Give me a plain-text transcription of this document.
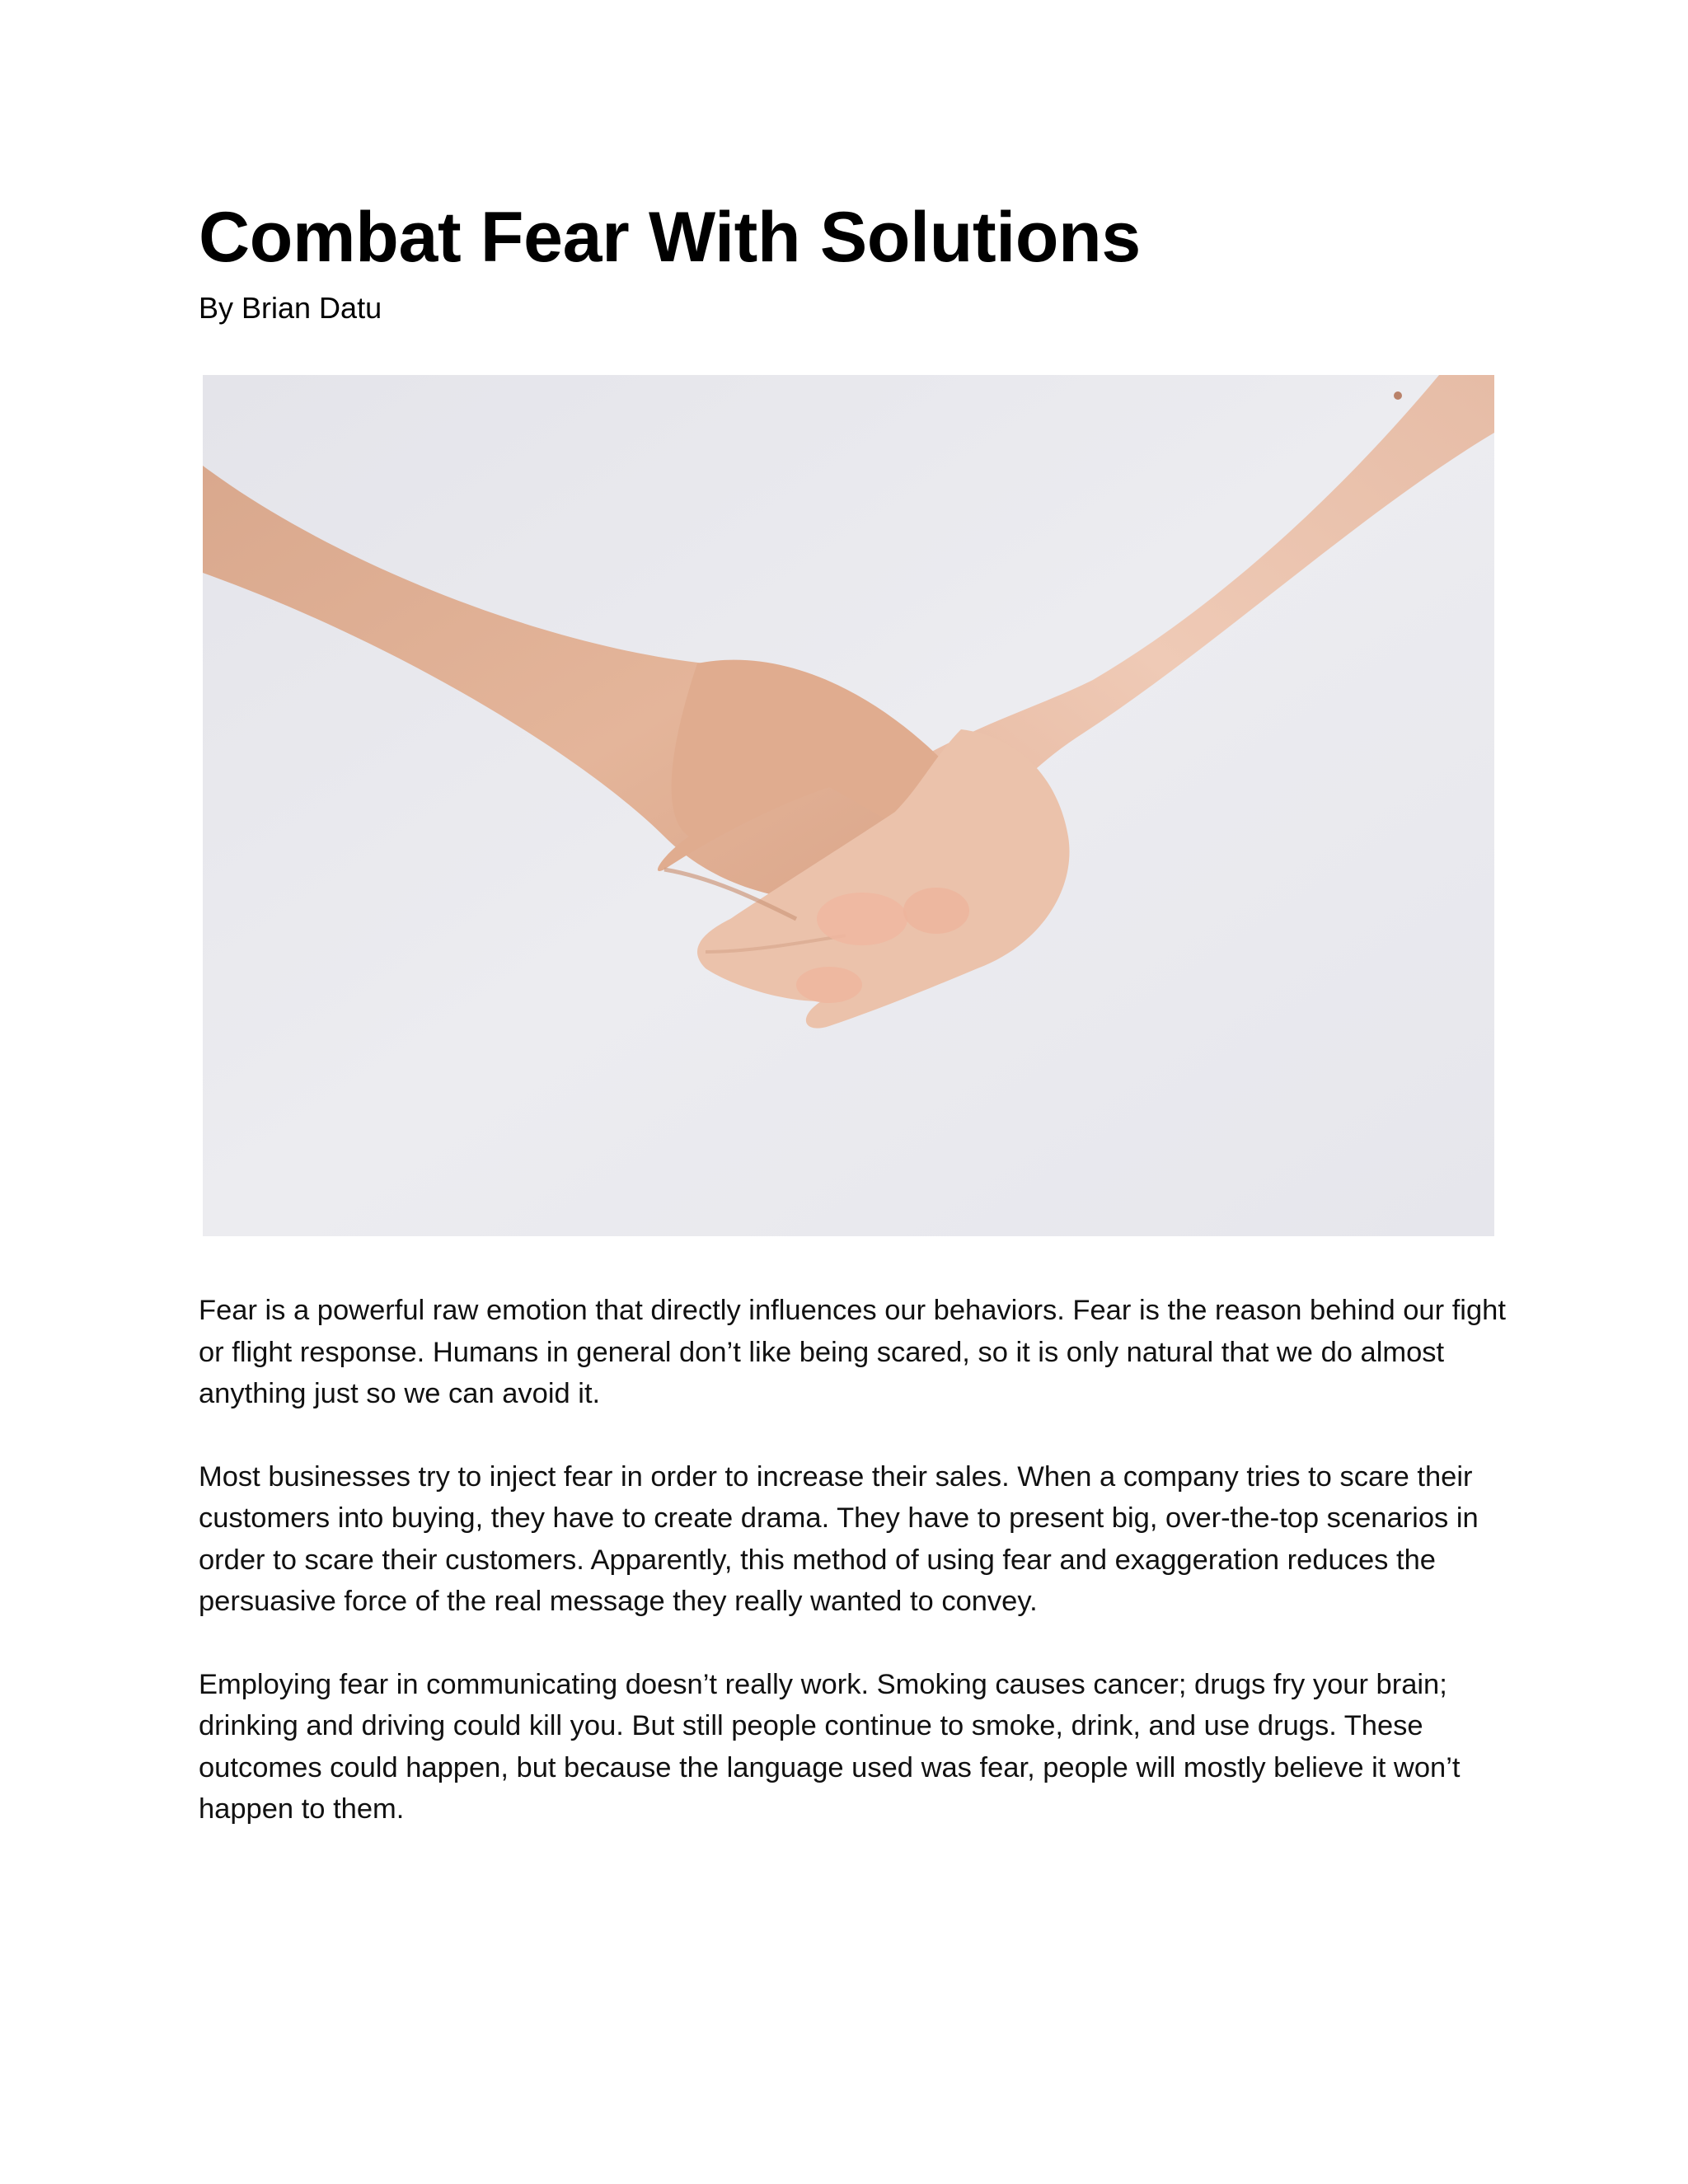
Combat Fear With Solutions

By Brian Datu

Fear is a powerful raw emotion that directly influences our behaviors. Fear is the reason behind our fight or flight response. Humans in general don’t like being scared, so it is only natural that we do almost anything just so we can avoid it.

Most businesses try to inject fear in order to increase their sales. When a company tries to scare their customers into buying, they have to create drama. They have to present big, over-the-top scenarios in order to scare their customers. Apparently, this method of using fear and exaggeration reduces the persuasive force of the real message they really wanted to convey.

Employing fear in communicating doesn’t really work. Smoking causes cancer; drugs fry your brain; drinking and driving could kill you. But still people continue to smoke, drink, and use drugs. These outcomes could happen, but because the language used was fear, people will mostly believe it won’t happen to them.
